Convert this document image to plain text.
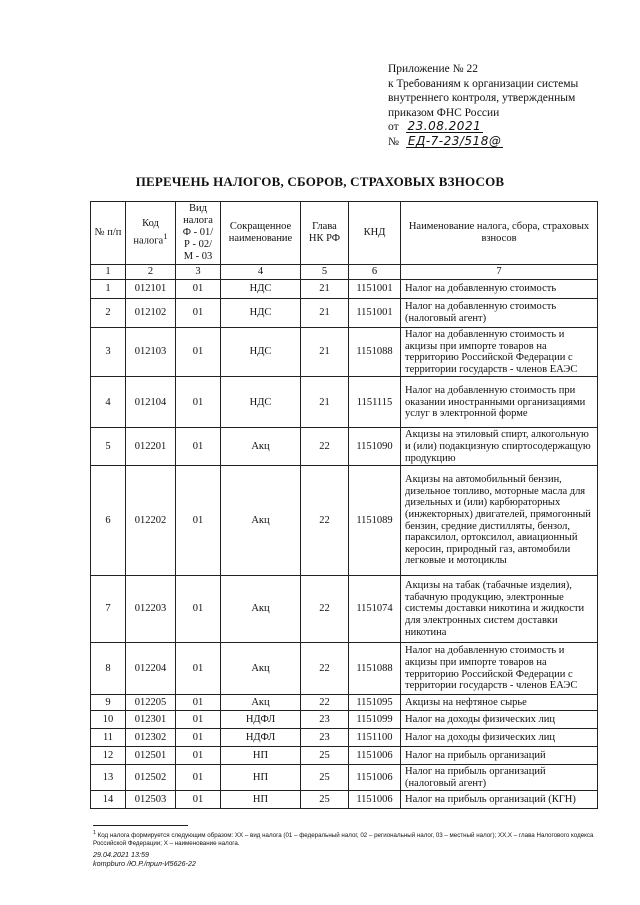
Приложение № 22
к Требованиям к организации системы
внутреннего контроля, утвержденным
приказом ФНС России
от 23.08.2021
№ ЕД-7-23/518@
ПЕРЕЧЕНЬ НАЛОГОВ, СБОРОВ, СТРАХОВЫХ ВЗНОСОВ
№ п/п	Код налога$^1$	Вид налога Ф - 01/ Р - 02/ М - 03	Сокращенное наименование	Глава НК РФ	КНД	Наименование налога, сбора, страховых взносов
1	2	3	4	5	6	7
1	012101	01	НДС	21	1151001	Налог на добавленную стоимость
2	012102	01	НДС	21	1151001	Налог на добавленную стоимость (налоговый агент)
3	012103	01	НДС	21	1151088	Налог на добавленную стоимость и акцизы при импорте товаров на территорию Российской Федерации с территории государств - членов ЕАЭС
4	012104	01	НДС	21	1151115	Налог на добавленную стоимость при оказании иностранными организациями услуг в электронной форме
5	012201	01	Акц	22	1151090	Акцизы на этиловый спирт, алкогольную и (или) подакцизную спиртосодержащую продукцию
6	012202	01	Акц	22	1151089	Акцизы на автомобильный бензин, дизельное топливо, моторные масла для дизельных и (или) карбюраторных (инжекторных) двигателей, прямогонный бензин, средние дистилляты, бензол, параксилол, ортоксилол, авиационный керосин, природный газ, автомобили легковые и мотоциклы
7	012203	01	Акц	22	1151074	Акцизы на табак (табачные изделия), табачную продукцию, электронные системы доставки никотина и жидкости для электронных систем доставки никотина
8	012204	01	Акц	22	1151088	Налог на добавленную стоимость и акцизы при импорте товаров на территорию Российской Федерации с территории государств - членов ЕАЭС
9	012205	01	Акц	22	1151095	Акцизы на нефтяное сырье
10	012301	01	НДФЛ	23	1151099	Налог на доходы физических лиц
11	012302	01	НДФЛ	23	1151100	Налог на доходы физических лиц
12	012501	01	НП	25	1151006	Налог на прибыль организаций
13	012502	01	НП	25	1151006	Налог на прибыль организаций (налоговый агент)
14	012503	01	НП	25	1151006	Налог на прибыль организаций (КГН)
$^1$ Код налога формируется следующим образом: ХХ – вид налога (01 – федеральный налог, 02 – региональный налог, 03 – местный налог); ХХ.Х – глава Налогового кодекса Российской Федерации; Х – наименование налога.
29.04.2021 13:59
kompburo /Ю.Р./прил-И5626-22
